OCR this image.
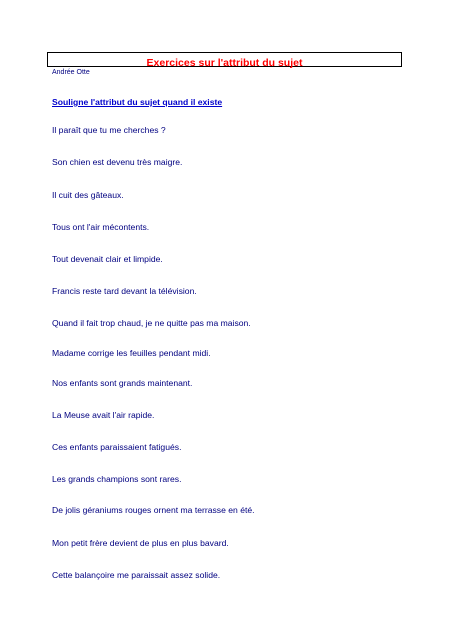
Exercices sur l'attribut du sujet
Andrée Otte
Souligne l'attribut du sujet quand il existe
Il paraît que tu me cherches ?
Son chien est devenu très maigre.
Il cuit des gâteaux.
Tous ont l'air mécontents.
Tout devenait clair et limpide.
Francis reste tard devant la télévision.
Quand il fait trop chaud, je ne quitte pas ma maison.
Madame corrige les feuilles pendant midi.
Nos enfants sont grands maintenant.
La Meuse avait l'air rapide.
Ces enfants paraissaient fatigués.
Les grands champions sont rares.
De jolis géraniums rouges ornent ma terrasse en été.
Mon petit frère devient de plus en plus bavard.
Cette balançoire me paraissait assez solide.
